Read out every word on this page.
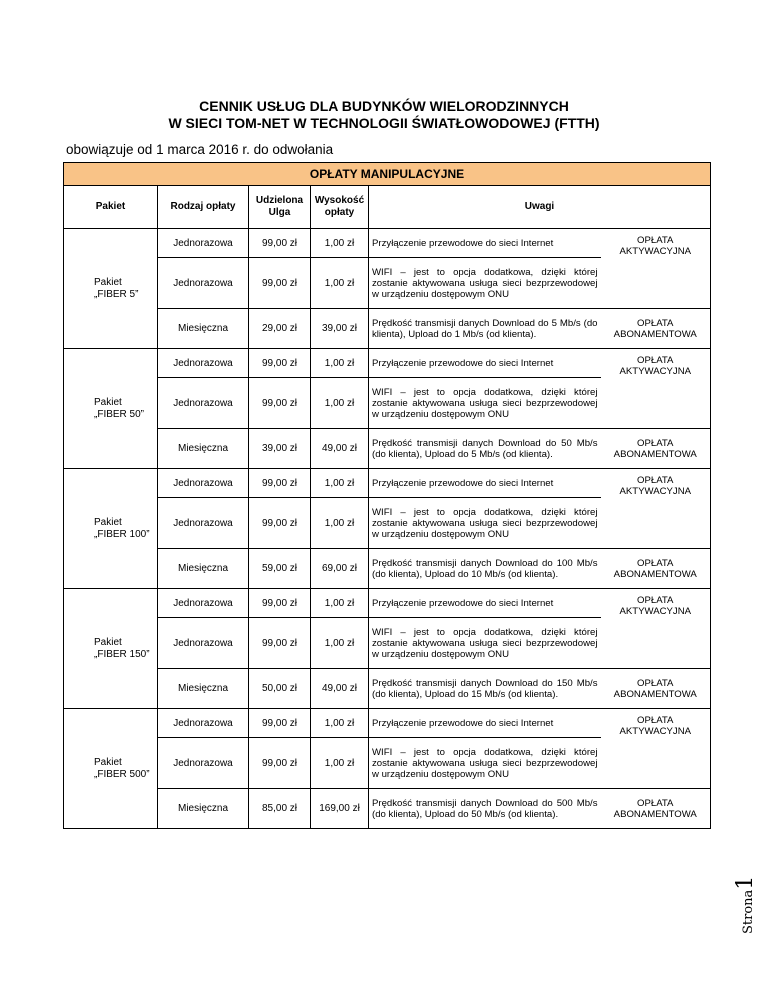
CENNIK USŁUG DLA BUDYNKÓW WIELORODZINNYCH
W SIECI TOM-NET W TECHNOLOGII ŚWIATŁOWODOWEJ (FTTH)
obowiązuje od 1 marca 2016 r. do odwołania
OPŁATY MANIPULACYJNE					
Pakiet	Rodzaj opłaty	Udzielona Ulga	Wysokość opłaty	Uwagi	
Pakiet „FIBER 5”	Jednorazowa	99,00 zł	1,00 zł	Przyłączenie przewodowe do sieci Internet	OPŁATA AKTYWACYJNA
	Jednorazowa	99,00 zł	1,00 zł	WIFI – jest to opcja dodatkowa, dzięki której zostanie aktywowana usługa sieci bezprzewodowej w urządzeniu dostępowym ONU	
	Miesięczna	29,00 zł	39,00 zł	Prędkość transmisji danych Download do 5 Mb/s (do klienta), Upload do 1 Mb/s (od klienta).	OPŁATA ABONAMENTOWA
Pakiet „FIBER 50”	Jednorazowa	99,00 zł	1,00 zł	Przyłączenie przewodowe do sieci Internet	OPŁATA AKTYWACYJNA
	Jednorazowa	99,00 zł	1,00 zł	WIFI – jest to opcja dodatkowa, dzięki której zostanie aktywowana usługa sieci bezprzewodowej w urządzeniu dostępowym ONU	
	Miesięczna	39,00 zł	49,00 zł	Prędkość transmisji danych Download do 50 Mb/s (do klienta), Upload do 5 Mb/s (od klienta).	OPŁATA ABONAMENTOWA
Pakiet „FIBER 100”	Jednorazowa	99,00 zł	1,00 zł	Przyłączenie przewodowe do sieci Internet	OPŁATA AKTYWACYJNA
	Jednorazowa	99,00 zł	1,00 zł	WIFI – jest to opcja dodatkowa, dzięki której zostanie aktywowana usługa sieci bezprzewodowej w urządzeniu dostępowym ONU	
	Miesięczna	59,00 zł	69,00 zł	Prędkość transmisji danych Download do 100 Mb/s (do klienta), Upload do 10 Mb/s (od klienta).	OPŁATA ABONAMENTOWA
Pakiet „FIBER 150”	Jednorazowa	99,00 zł	1,00 zł	Przyłączenie przewodowe do sieci Internet	OPŁATA AKTYWACYJNA
	Jednorazowa	99,00 zł	1,00 zł	WIFI – jest to opcja dodatkowa, dzięki której zostanie aktywowana usługa sieci bezprzewodowej w urządzeniu dostępowym ONU	
	Miesięczna	50,00 zł	49,00 zł	Prędkość transmisji danych Download do 150 Mb/s (do klienta), Upload do 15 Mb/s (od klienta).	OPŁATA ABONAMENTOWA
Pakiet „FIBER 500”	Jednorazowa	99,00 zł	1,00 zł	Przyłączenie przewodowe do sieci Internet	OPŁATA AKTYWACYJNA
	Jednorazowa	99,00 zł	1,00 zł	WIFI – jest to opcja dodatkowa, dzięki której zostanie aktywowana usługa sieci bezprzewodowej w urządzeniu dostępowym ONU	
	Miesięczna	85,00 zł	169,00 zł	Prędkość transmisji danych Download do 500 Mb/s (do klienta), Upload do 50 Mb/s (od klienta).	OPŁATA ABONAMENTOWA
Strona1
